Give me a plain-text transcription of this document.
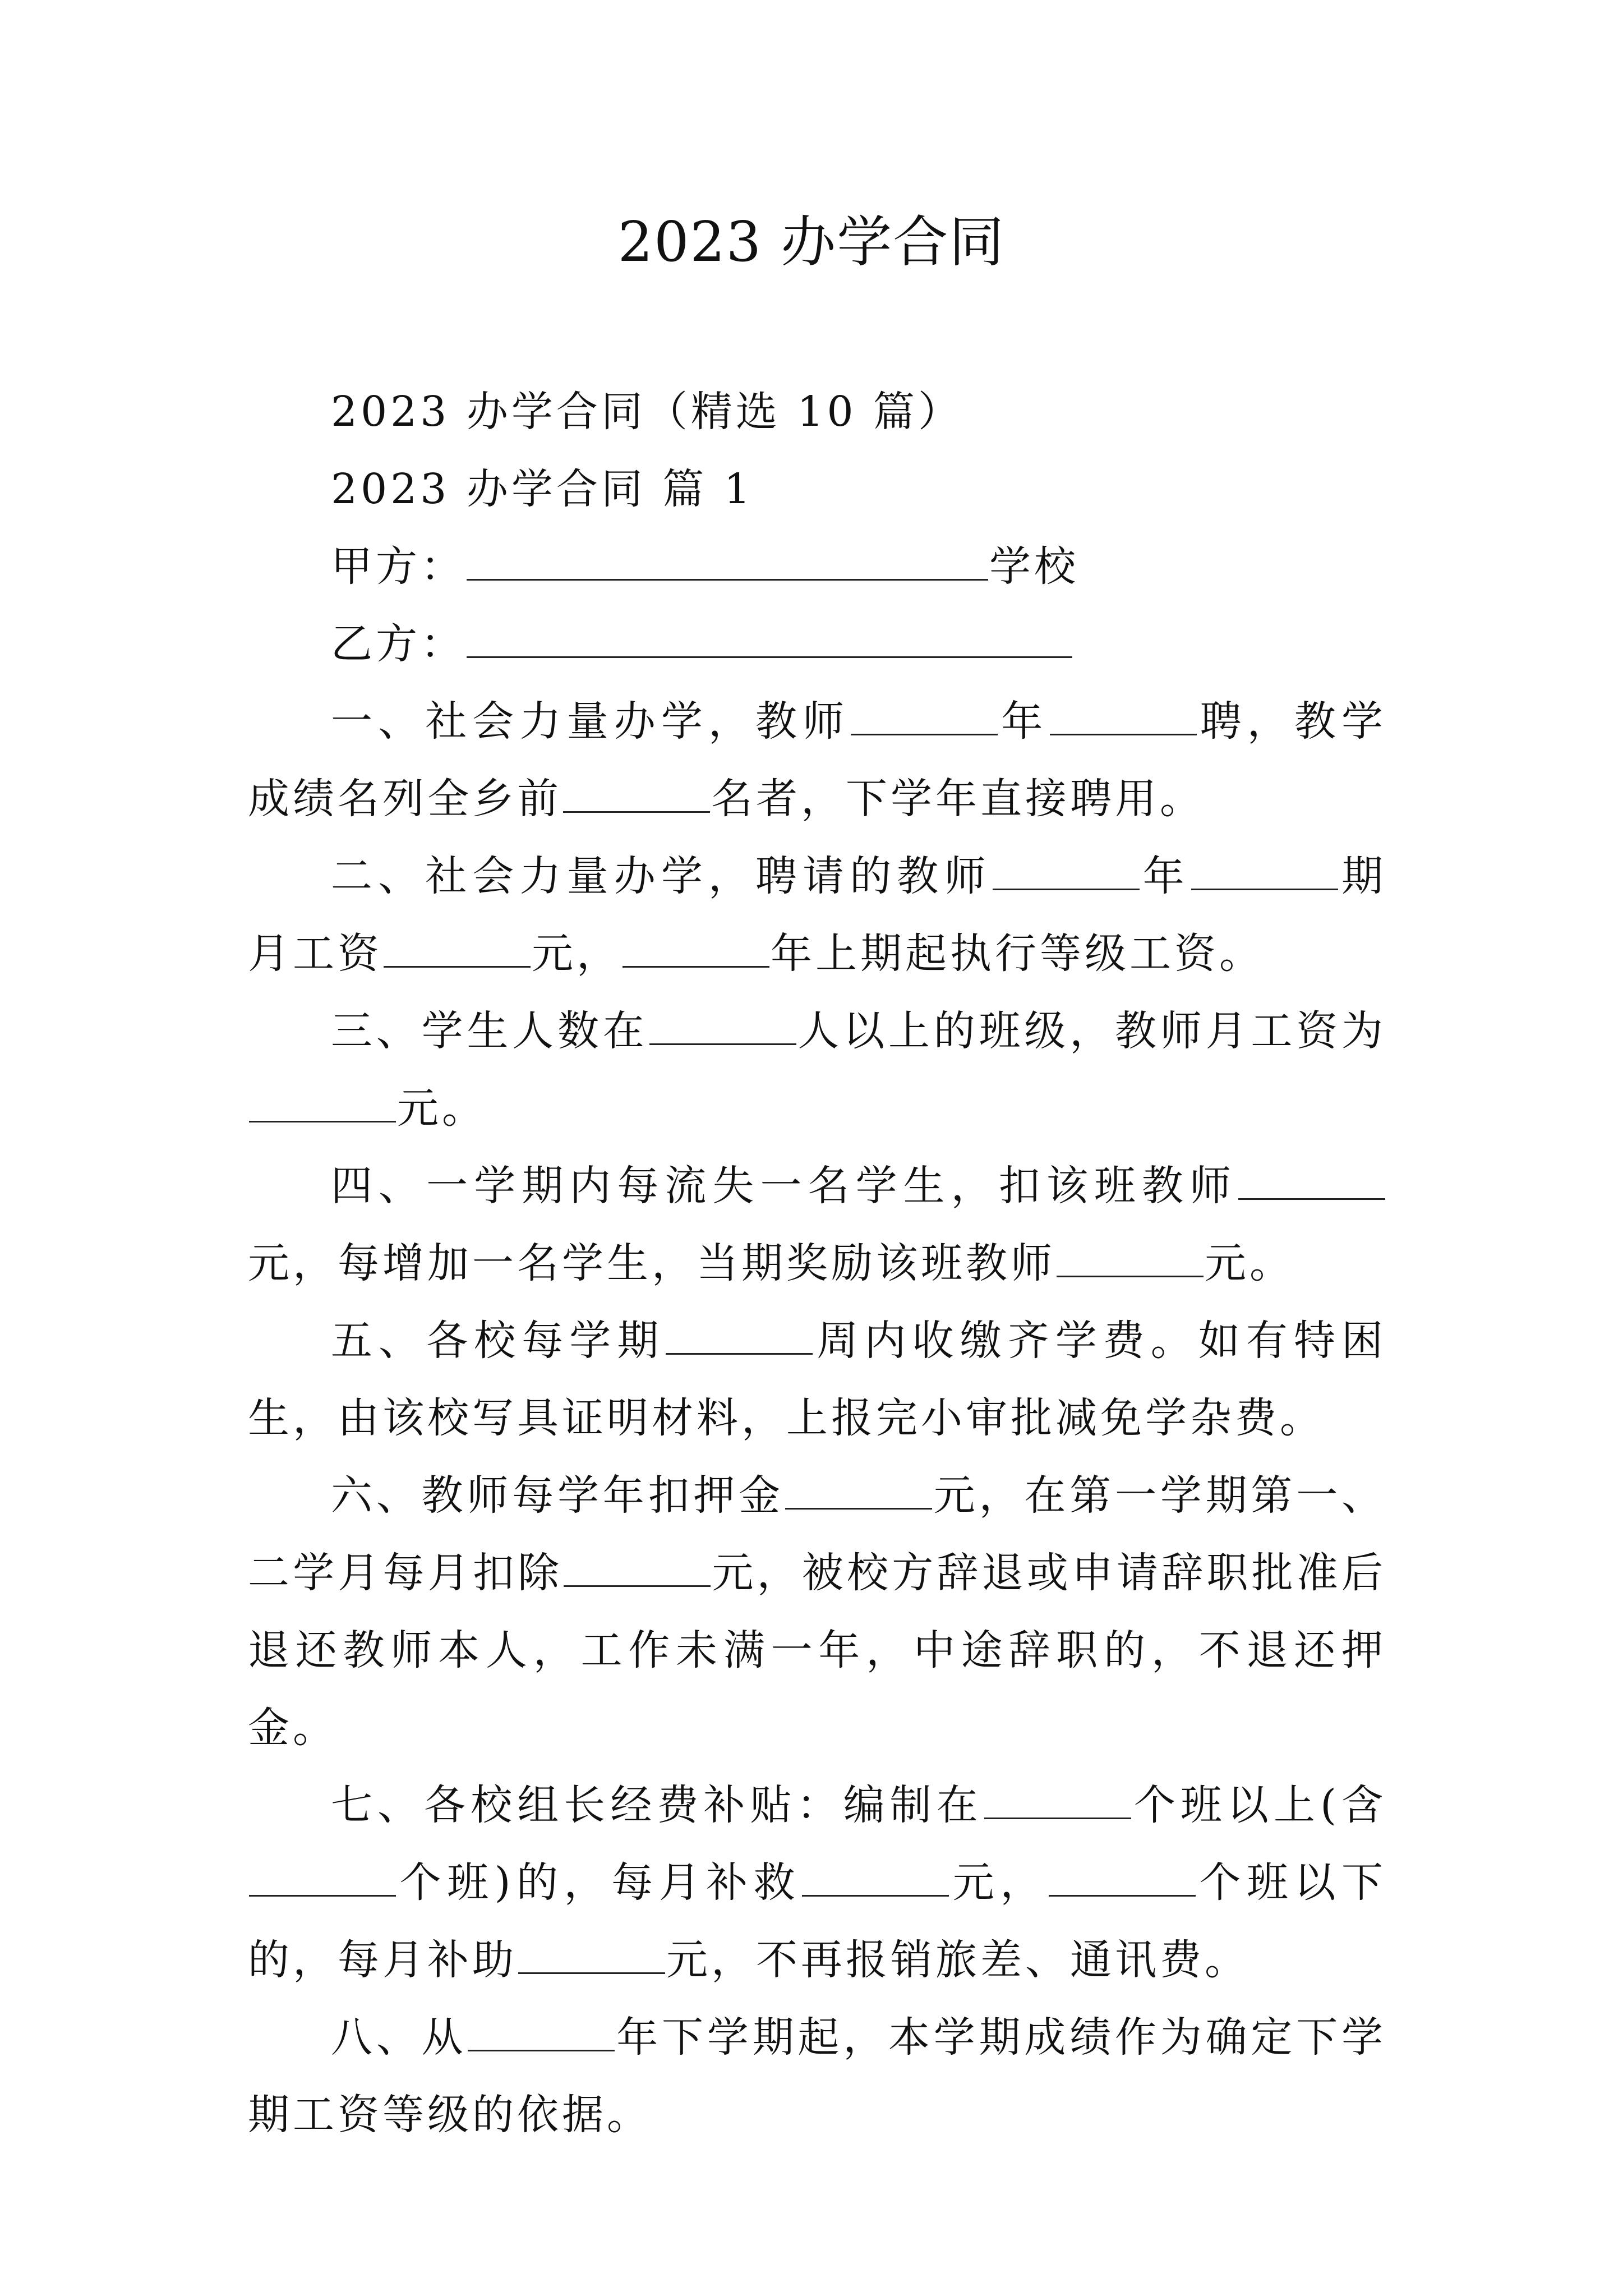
2023 办学合同

2023 办学合同（精选 10 篇）

2023 办学合同 篇 1

甲方：	学校

乙方：

一、社会力量办学，教师	年	聘，教学成绩名列全乡前	名者，下学年直接聘用。

二、社会力量办学，聘请的教师	年	期月工资	元，	年上期起执行等级工资。

三、学生人数在	人以上的班级，教师月工资为元。

四、一学期内每流失一名学生，扣该班教师元，每增加一名学生，当期奖励该班教师	元。

五、各校每学期	周内收缴齐学费。如有特困生，由该校写具证明材料，上报完小审批减免学杂费。

六、教师每学年扣押金	元，在第一学期第一、二学月每月扣除	元，被校方辞退或申请辞职批准后退还教师本人，工作未满一年，中途辞职的，不退还押金。

七、各校组长经费补贴：编制在	个班以上(含个班)的，每月补救	元，	个班以下的，每月补助	元，不再报销旅差、通讯费。

八、从	年下学期起，本学期成绩作为确定下学期工资等级的依据。
